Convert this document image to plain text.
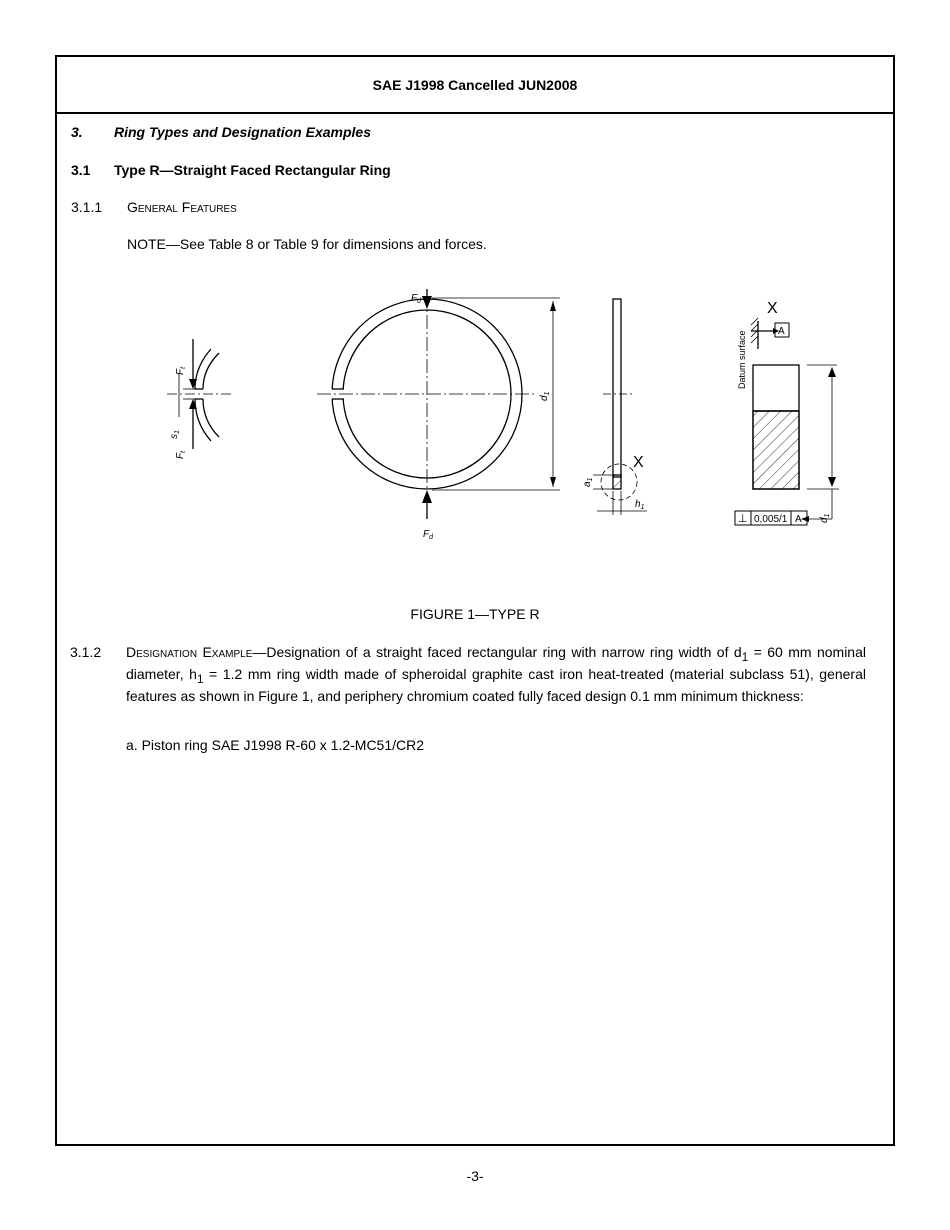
SAE J1998 Cancelled JUN2008
3. Ring Types and Designation Examples
3.1 Type R—Straight Faced Rectangular Ring
3.1.1 General Features
NOTE—See Table 8 or Table 9 for dimensions and forces.
$F_d$
$F_d$
$s_1$
$F_t$
$F_t$
$d_1$
$a_1$
$h_1$
$d_1$
X
X
Datum surface	A
⊥ 0,005/1 A
FIGURE 1—TYPE R
3.1.2 Designation Example—Designation of a straight faced rectangular ring with narrow ring width of $d_1 = 60$ mm nominal diameter, $h_1 = 1.2$ mm ring width made of spheroidal graphite cast iron heat-treated (material subclass 51), general features as shown in Figure 1, and periphery chromium coated fully faced design 0.1 mm minimum thickness:
a. Piston ring SAE J1998 R-60 x 1.2-MC51/CR2
-3-
